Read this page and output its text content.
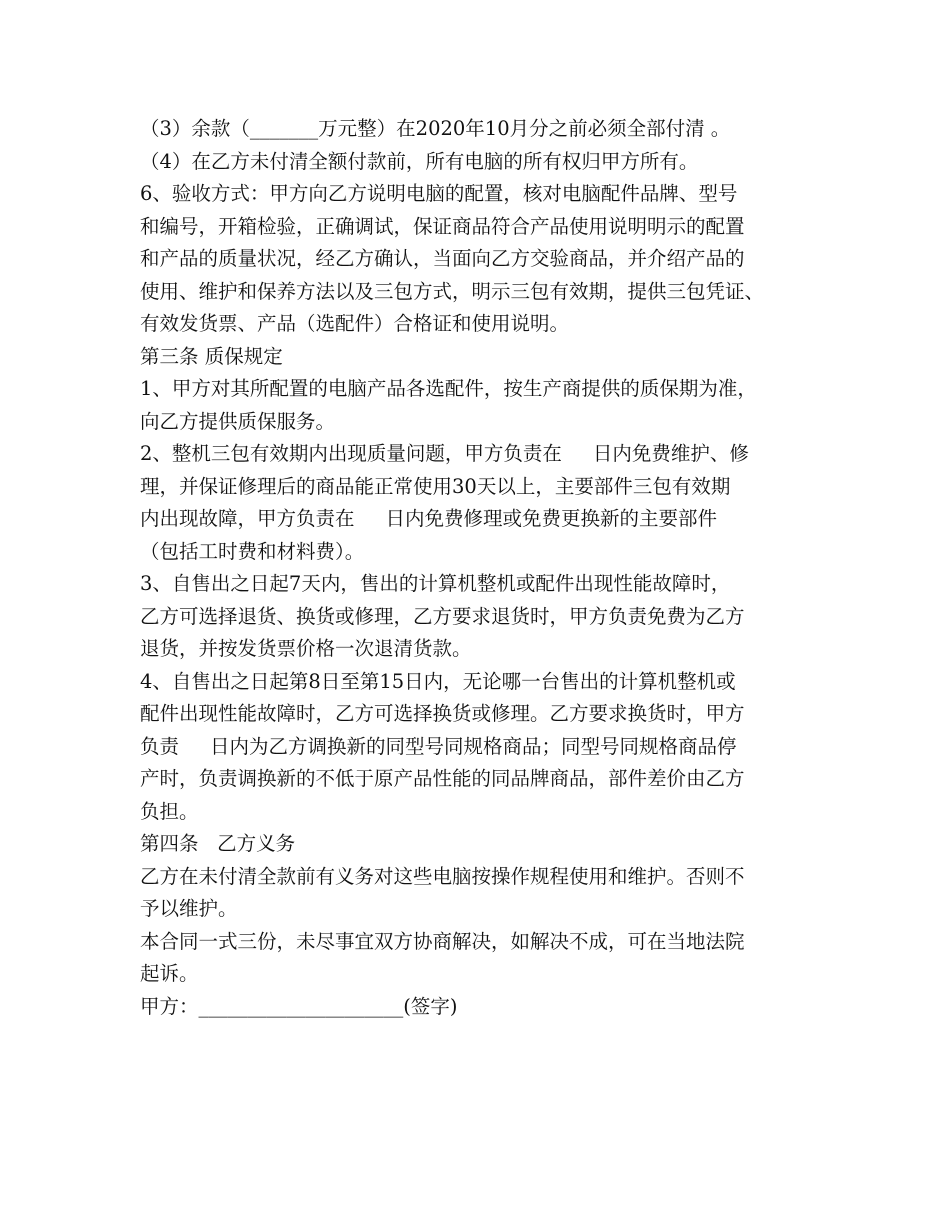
（3）余款（_______万元整）在2020年10月分之前必须全部付清 。
（4）在乙方未付清全额付款前，所有电脑的所有权归甲方所有。
6、验收方式：甲方向乙方说明电脑的配置，核对电脑配件品牌、型号
和编号，开箱检验，正确调试，保证商品符合产品使用说明明示的配置
和产品的质量状况，经乙方确认，当面向乙方交验商品，并介绍产品的
使用、维护和保养方法以及三包方式，明示三包有效期，提供三包凭证、
有效发货票、产品（选配件）合格证和使用说明。
第三条 质保规定
1、甲方对其所配置的电脑产品各选配件，按生产商提供的质保期为准，
向乙方提供质保服务。
2、整机三包有效期内出现质量问题，甲方负责在     日内免费维护、修
理，并保证修理后的商品能正常使用30天以上，主要部件三包有效期
内出现故障，甲方负责在     日内免费修理或免费更换新的主要部件
（包括工时费和材料费）。
3、自售出之日起7天内，售出的计算机整机或配件出现性能故障时，
乙方可选择退货、换货或修理，乙方要求退货时，甲方负责免费为乙方
退货，并按发货票价格一次退清货款。
4、自售出之日起第8日至第15日内，无论哪一台售出的计算机整机或
配件出现性能故障时，乙方可选择换货或修理。乙方要求换货时，甲方
负责     日内为乙方调换新的同型号同规格商品；同型号同规格商品停
产时，负责调换新的不低于原产品性能的同品牌商品，部件差价由乙方
负担。
第四条   乙方义务
乙方在未付清全款前有义务对这些电脑按操作规程使用和维护。否则不
予以维护。
本合同一式三份，未尽事宜双方协商解决，如解决不成，可在当地法院
起诉。
甲方：_____________________(签字)
